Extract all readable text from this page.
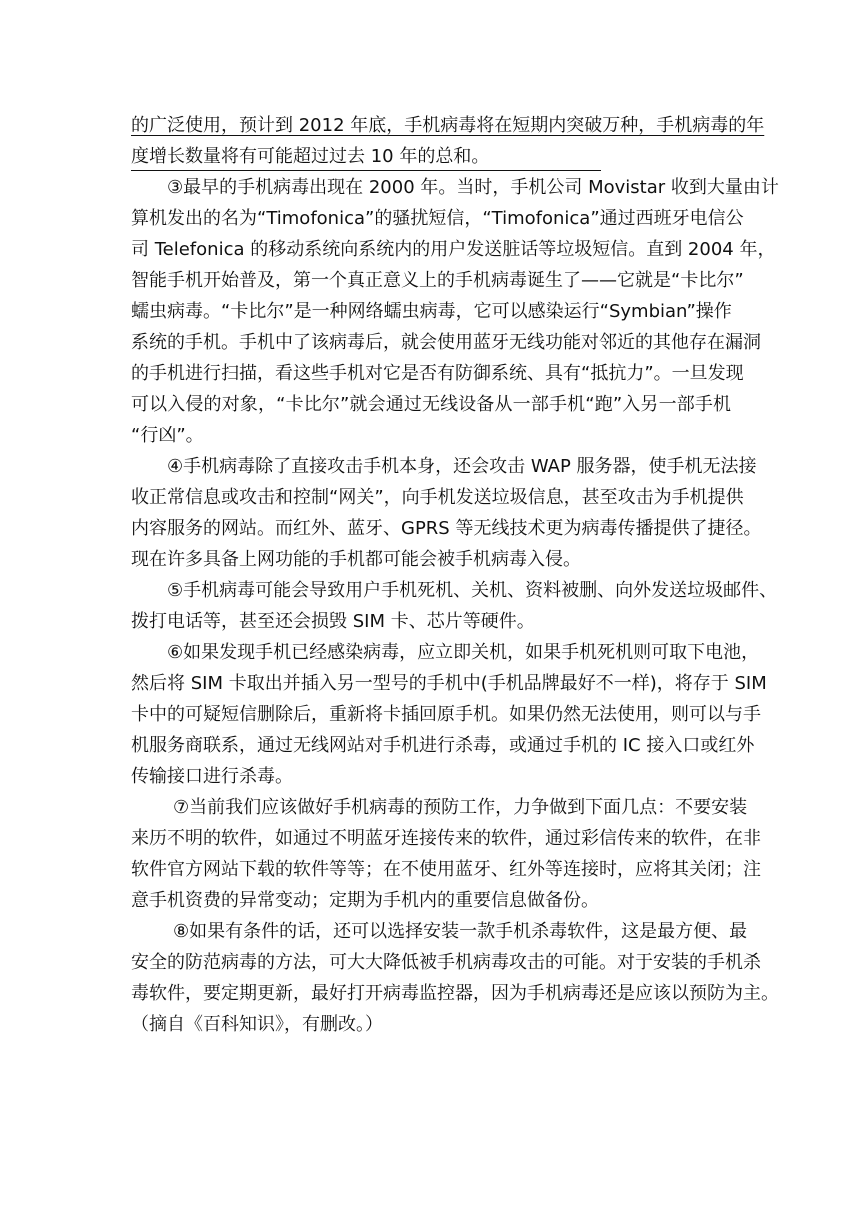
的广泛使用，预计到 2012 年底，手机病毒将在短期内突破万种，手机病毒的年
度增长数量将有可能超过过去 10 年的总和。
③最早的手机病毒出现在 2000 年。当时，手机公司 Movistar 收到大量由计
算机发出的名为“Timofonica”的骚扰短信，“Timofonica”通过西班牙电信公
司 Telefonica 的移动系统向系统内的用户发送脏话等垃圾短信。直到 2004 年，
智能手机开始普及，第一个真正意义上的手机病毒诞生了——它就是“卡比尔”
蠕虫病毒。“卡比尔”是一种网络蠕虫病毒，它可以感染运行“Symbian”操作
系统的手机。手机中了该病毒后，就会使用蓝牙无线功能对邻近的其他存在漏洞
的手机进行扫描，看这些手机对它是否有防御系统、具有“抵抗力”。一旦发现
可以入侵的对象，“卡比尔”就会通过无线设备从一部手机“跑”入另一部手机
“行凶”。
④手机病毒除了直接攻击手机本身，还会攻击 WAP 服务器，使手机无法接
收正常信息或攻击和控制“网关”，向手机发送垃圾信息，甚至攻击为手机提供
内容服务的网站。而红外、蓝牙、GPRS 等无线技术更为病毒传播提供了捷径。
现在许多具备上网功能的手机都可能会被手机病毒入侵。
⑤手机病毒可能会导致用户手机死机、关机、资料被删、向外发送垃圾邮件、
拨打电话等，甚至还会损毁 SIM 卡、芯片等硬件。
⑥如果发现手机已经感染病毒，应立即关机，如果手机死机则可取下电池，
然后将 SIM 卡取出并插入另一型号的手机中(手机品牌最好不一样)，将存于 SIM
卡中的可疑短信删除后，重新将卡插回原手机。如果仍然无法使用，则可以与手
机服务商联系，通过无线网站对手机进行杀毒，或通过手机的 IC 接入口或红外
传输接口进行杀毒。
⑦当前我们应该做好手机病毒的预防工作，力争做到下面几点：不要安装
来历不明的软件，如通过不明蓝牙连接传来的软件，通过彩信传来的软件，在非
软件官方网站下载的软件等等；在不使用蓝牙、红外等连接时，应将其关闭；注
意手机资费的异常变动；定期为手机内的重要信息做备份。
⑧如果有条件的话，还可以选择安装一款手机杀毒软件，这是最方便、最
安全的防范病毒的方法，可大大降低被手机病毒攻击的可能。对于安装的手机杀
毒软件，要定期更新，最好打开病毒监控器，因为手机病毒还是应该以预防为主。
（摘自《百科知识》，有删改。）
